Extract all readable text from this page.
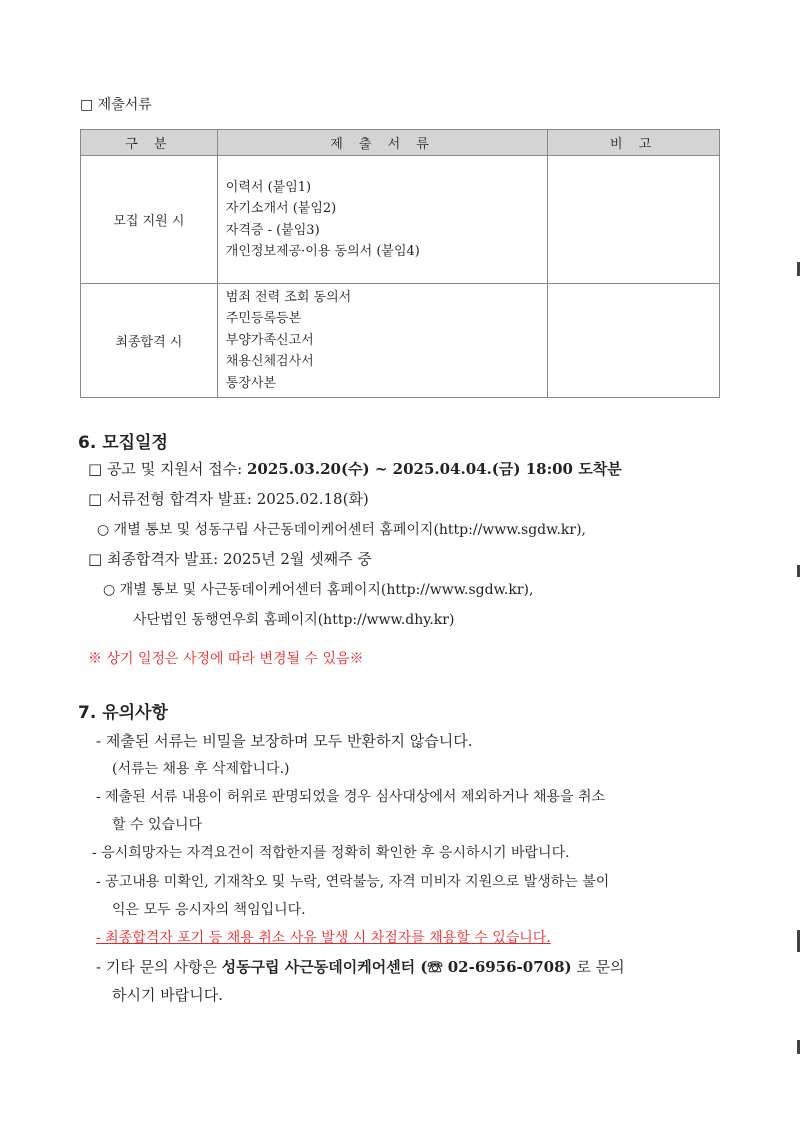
□ 제출서류
구 분	제 출 서 류	비 고
모집 지원 시	이력서 (붙임1)
자기소개서 (붙임2)
자격증 - (붙임3)
개인정보제공·이용 동의서 (붙임4)	

최종합격 시	범죄 전력 조회 동의서
주민등록등본
부양가족신고서
채용신체검사서
통장사본	

6. 모집일정
□ 공고 및 지원서 접수: 2025.03.20(수) ~ 2025.04.04.(금) 18:00 도착분
□ 서류전형 합격자 발표: 2025.02.18(화)
○ 개별 통보 및 성동구립 사근동데이케어센터 홈페이지(http://www.sgdw.kr),
□ 최종합격자 발표: 2025년 2월 셋째주 중
○ 개별 통보 및 사근동데이케어센터 홈페이지(http://www.sgdw.kr),
사단법인 동행연우회 홈페이지(http://www.dhy.kr)
※ 상기 일정은 사정에 따라 변경될 수 있음※
7. 유의사항
- 제출된 서류는 비밀을 보장하며 모두 반환하지 않습니다.
(서류는 채용 후 삭제합니다.)
- 제출된 서류 내용이 허위로 판명되었을 경우 심사대상에서 제외하거나 채용을 취소
할 수 있습니다
- 응시희망자는 자격요건이 적합한지를 정확히 확인한 후 응시하시기 바랍니다.
- 공고내용 미확인, 기재착오 및 누락, 연락불능, 자격 미비자 지원으로 발생하는 불이
익은 모두 응시자의 책임입니다.
- 최종합격자 포기 등 채용 취소 사유 발생 시 차점자를 채용할 수 있습니다.
- 기타 문의 사항은 성동구립 사근동데이케어센터 (☏ 02-6956-0708) 로 문의
하시기 바랍니다.
